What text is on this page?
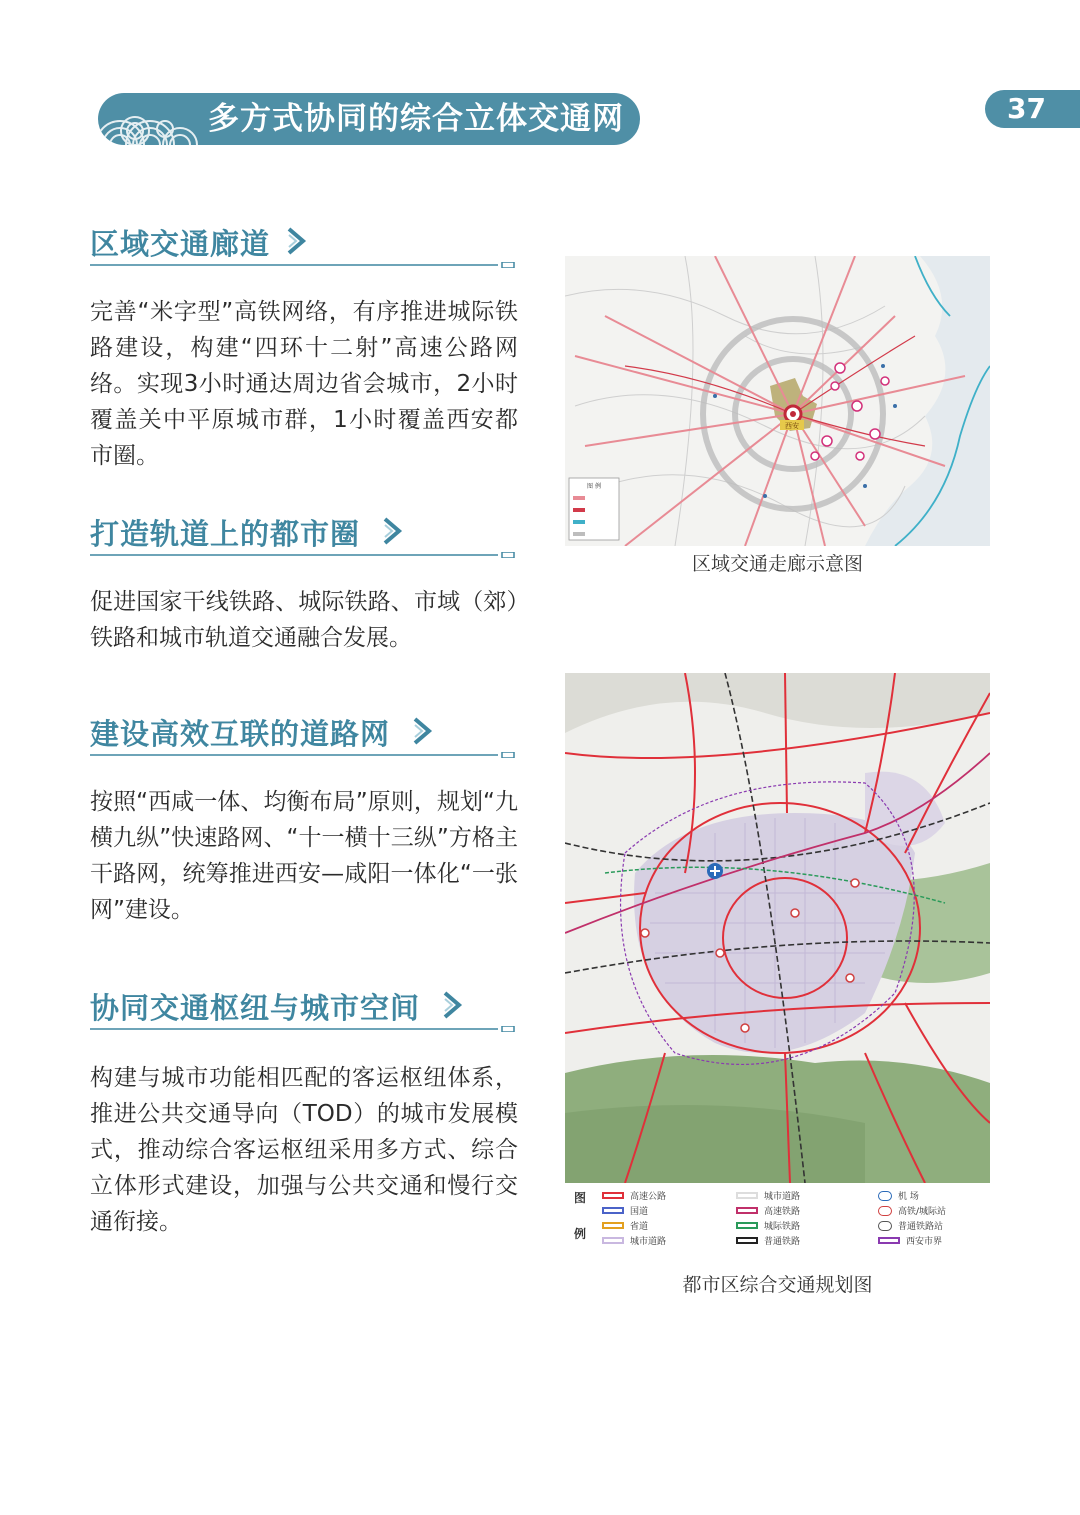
多方式协同的综合立体交通网	37
区域交通廊道
完善“米字型”高铁网络，有序推进城际铁路建设，构建“四环十二射”高速公路网络。实现3小时通达周边省会城市，2小时覆盖关中平原城市群，1小时覆盖西安都市圈。
打造轨道上的都市圈
促进国家干线铁路、城际铁路、市域（郊）铁路和城市轨道交通融合发展。
建设高效互联的道路网
按照“西咸一体、均衡布局”原则，规划“九横九纵”快速路网、“十一横十三纵”方格主干路网，统筹推进西安—咸阳一体化“一张网”建设。
协同交通枢纽与城市空间
构建与城市功能相匹配的客运枢纽体系，推进公共交通导向（TOD）的城市发展模式，推动综合客运枢纽采用多方式、综合立体形式建设，加强与公共交通和慢行交通衔接。
西安
图 例
区域交通走廊示意图
图
例
高速公路
国道
省道
城市道路
城市道路
高速铁路
城际铁路
普通铁路
机 场
高铁/城际站
普通铁路站
西安市界
都市区综合交通规划图
